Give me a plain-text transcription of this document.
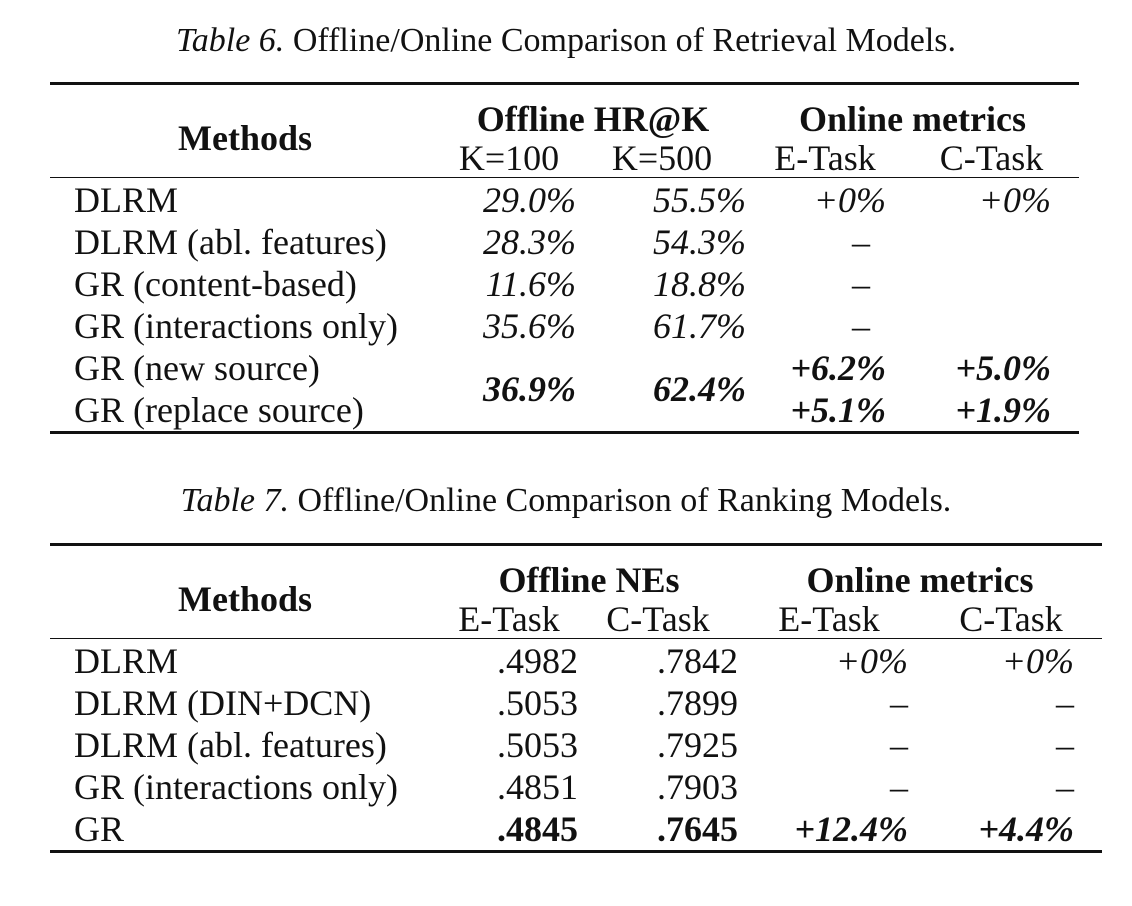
Table 6. Offline/Online Comparison of Retrieval Models.

Methods	Offline HR@K		Online metrics	
	K=100	K=500	E-Task	C-Task

DLRM	29.0%	55.5%	+0%	+0%
DLRM (abl. features)	28.3%	54.3%	–	
GR (content-based)	11.6%	18.8%	–	
GR (interactions only)	35.6%	61.7%	–	
GR (new source)	36.9%	62.4%	+6.2%	+5.0%
GR (replace source)			+5.1%	+1.9%

Table 7. Offline/Online Comparison of Ranking Models.

Methods	Offline NEs		Online metrics	
	E-Task	C-Task	E-Task	C-Task

DLRM	.4982	.7842	+0%	+0%
DLRM (DIN+DCN)	.5053	.7899	–	–
DLRM (abl. features)	.5053	.7925	–	–
GR (interactions only)	.4851	.7903	–	–
GR	.4845	.7645	+12.4%	+4.4%
